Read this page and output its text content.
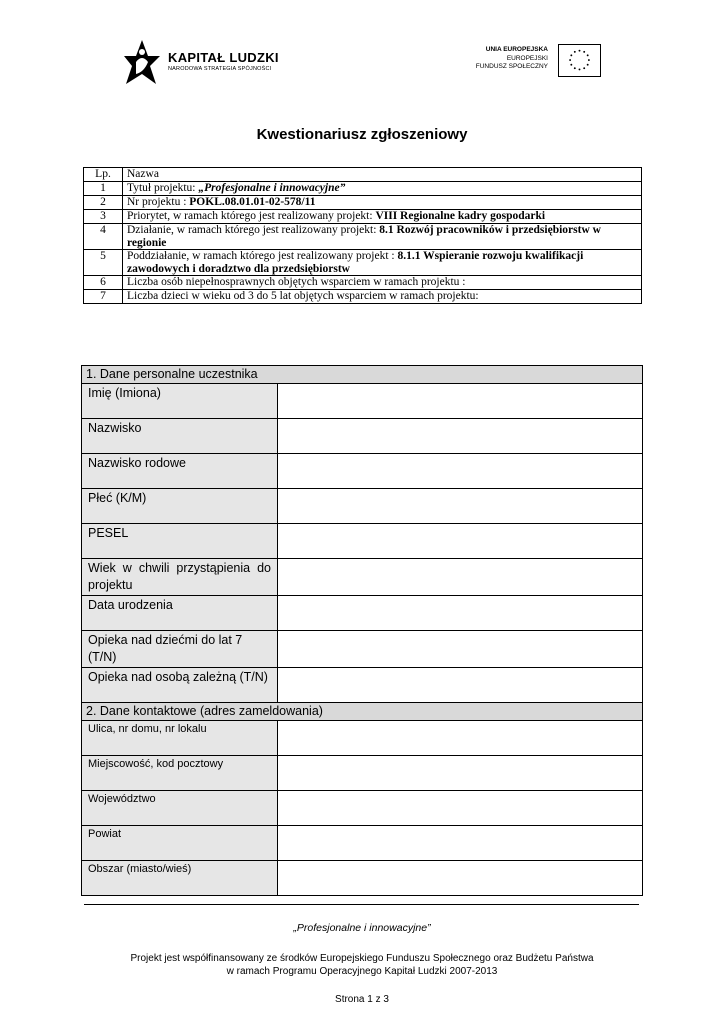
KAPITAŁ LUDZKI
NARODOWA STRATEGIA SPÓJNOŚCI
UNIA EUROPEJSKA
EUROPEJSKI
FUNDUSZ SPOŁECZNY
Kwestionariusz zgłoszeniowy
Lp.	Nazwa
1	Tytuł projektu: „Profesjonalne i innowacyjne”
2	Nr projektu : POKL.08.01.01-02-578/11
3	Priorytet, w ramach którego jest realizowany projekt: VIII Regionalne kadry gospodarki
4	Działanie, w ramach którego jest realizowany projekt: 8.1 Rozwój pracowników i przedsiębiorstw w regionie
5	Poddziałanie, w ramach którego jest realizowany projekt : 8.1.1 Wspieranie rozwoju kwalifikacji zawodowych i doradztwo dla przedsiębiorstw
6	Liczba osób niepełnosprawnych objętych wsparciem w ramach projektu :
7	Liczba dzieci w wieku od 3 do 5 lat objętych wsparciem w ramach projektu:
1. Dane personalne uczestnika	
Imię (Imiona)	
Nazwisko	
Nazwisko rodowe	
Płeć (K/M)	
PESEL	
Wiek w chwili przystąpienia do projektu	
Data urodzenia	
Opieka nad dziećmi do lat 7 (T/N)	
Opieka nad osobą zależną (T/N)	
2. Dane kontaktowe (adres zameldowania)	
Ulica, nr domu, nr lokalu	
Miejscowość, kod pocztowy	
Województwo	
Powiat	
Obszar (miasto/wieś)	
„Profesjonalne i innowacyjne”
Projekt jest współfinansowany ze środków Europejskiego Funduszu Społecznego oraz Budżetu Państwa
w ramach Programu Operacyjnego Kapitał Ludzki 2007-2013
Strona 1 z 3
